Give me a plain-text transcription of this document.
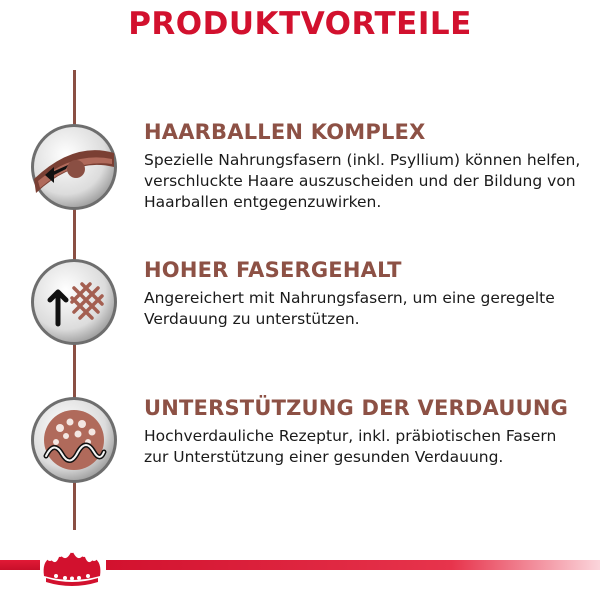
PRODUKTVORTEILE
HAARBALLEN KOMPLEX

Spezielle Nahrungsfasern (inkl. Psyllium) können helfen, verschluckte Haare auszuscheiden und der Bildung von Haarballen entgegenzuwirken.

HOHER FASERGEHALT

Angereichert mit Nahrungsfasern, um eine geregelte Verdauung zu unterstützen.

UNTERSTÜTZUNG DER VERDAUUNG

Hochverdauliche Rezeptur, inkl. präbiotischen Fasern zur Unterstützung einer gesunden Verdauung.
